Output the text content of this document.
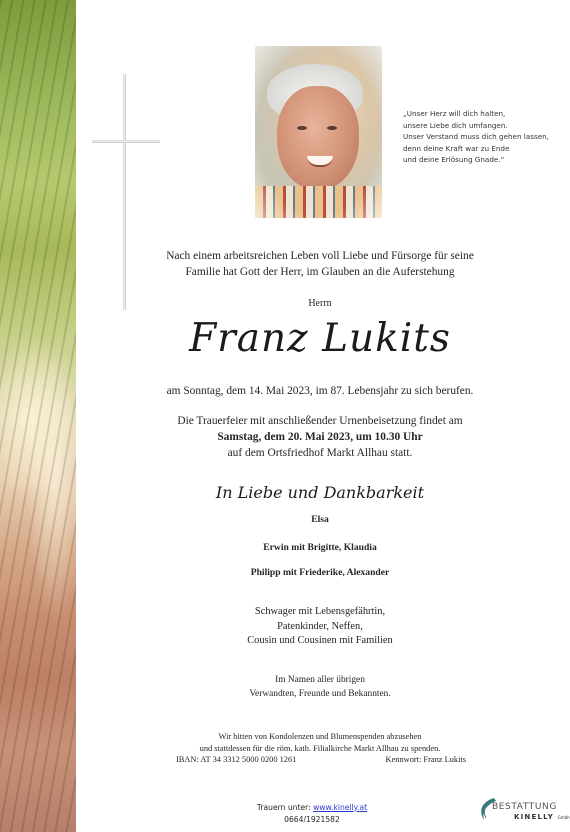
„Unser Herz will dich halten,
unsere Liebe dich umfangen.
Unser Verstand muss dich gehen lassen,
denn deine Kraft war zu Ende
und deine Erlösung Gnade.“
Nach einem arbeitsreichen Leben voll Liebe und Fürsorge für seine
Familie hat Gott der Herr, im Glauben an die Auferstehung
Herrn
Franz Lukits
am Sonntag, dem 14. Mai 2023, im 87. Lebensjahr zu sich berufen.
Die Trauerfeier mit anschließender Urnenbeisetzung findet am
Samstag, dem 20. Mai 2023, um 10.30 Uhr
auf dem Ortsfriedhof Markt Allhau statt.
In Liebe und Dankbarkeit
Elsa
Erwin mit Brigitte, Klaudia
Philipp mit Friederike, Alexander
Schwager mit Lebensgefährtin,
Patenkinder, Neffen,
Cousin und Cousinen mit Familien
Im Namen aller übrigen
Verwandten, Freunde und Bekannten.
Wir bitten von Kondolenzen und Blumenspenden abzusehen
und stattdessen für die röm. kath. Filialkirche Markt Allhau zu spenden.
IBAN: AT 34 3312 5000 0200 1261	Kennwort: Franz Lukits
Trauern unter: www.kinelly.at
0664/1921582
BESTATTUNG
KINELLY Gmbh
